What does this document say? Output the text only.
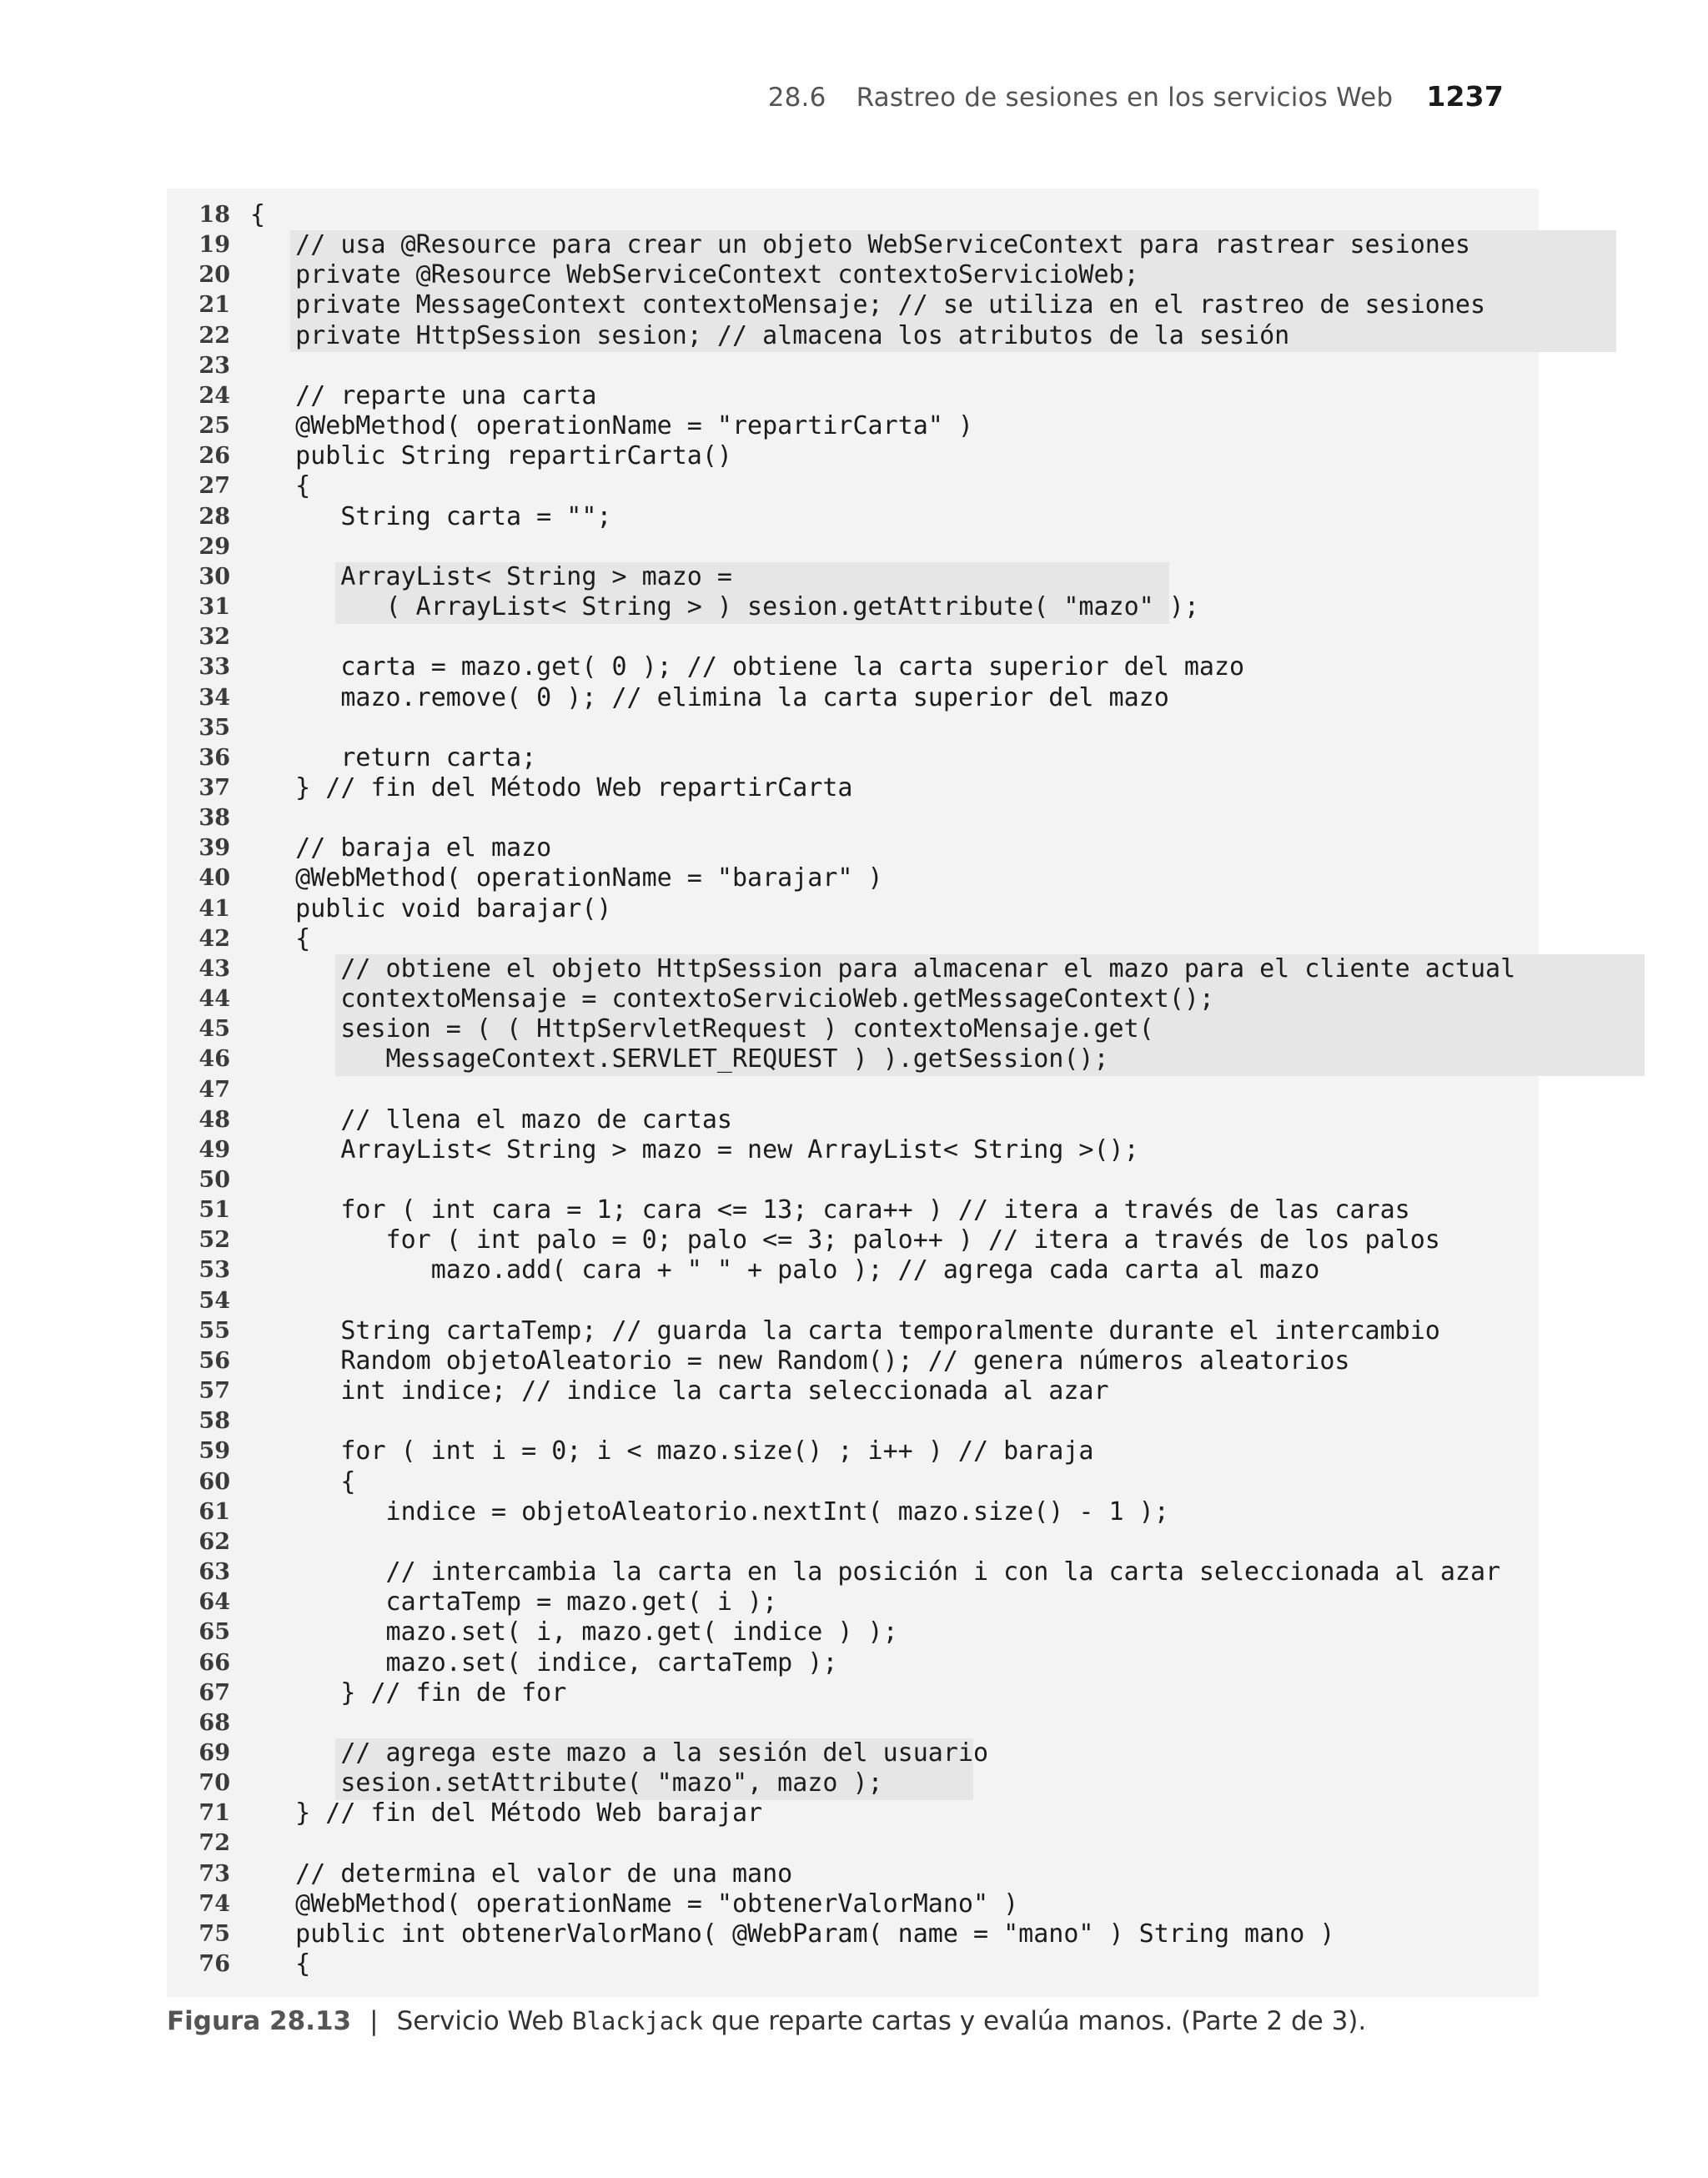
28.6 Rastreo de sesiones en los servicios Web 1237
18 {
19 // usa @Resource para crear un objeto WebServiceContext para rastrear sesiones
20 private @Resource WebServiceContext contextoServicioWeb;
21 private MessageContext contextoMensaje; // se utiliza en el rastreo de sesiones
22 private HttpSession sesion; // almacena los atributos de la sesión
23
24 // reparte una carta
25 @WebMethod( operationName = "repartirCarta" )
26 public String repartirCarta()
27 {
28 String carta = "";
29
30 ArrayList< String > mazo =
31 ( ArrayList< String > ) sesion.getAttribute( "mazo" );
32
33 carta = mazo.get( 0 ); // obtiene la carta superior del mazo
34 mazo.remove( 0 ); // elimina la carta superior del mazo
35
36 return carta;
37 } // fin del Método Web repartirCarta
38
39 // baraja el mazo
40 @WebMethod( operationName = "barajar" )
41 public void barajar()
42 {
43 // obtiene el objeto HttpSession para almacenar el mazo para el cliente actual
44 contextoMensaje = contextoServicioWeb.getMessageContext();
45 sesion = ( ( HttpServletRequest ) contextoMensaje.get(
46 MessageContext.SERVLET_REQUEST ) ).getSession();
47
48 // llena el mazo de cartas
49 ArrayList< String > mazo = new ArrayList< String >();
50
51 for ( int cara = 1; cara <= 13; cara++ ) // itera a través de las caras
52 for ( int palo = 0; palo <= 3; palo++ ) // itera a través de los palos
53 mazo.add( cara + " " + palo ); // agrega cada carta al mazo
54
55 String cartaTemp; // guarda la carta temporalmente durante el intercambio
56 Random objetoAleatorio = new Random(); // genera números aleatorios
57 int indice; // indice la carta seleccionada al azar
58
59 for ( int i = 0; i < mazo.size() ; i++ ) // baraja
60 {
61 indice = objetoAleatorio.nextInt( mazo.size() - 1 );
62
63 // intercambia la carta en la posición i con la carta seleccionada al azar
64 cartaTemp = mazo.get( i );
65 mazo.set( i, mazo.get( indice ) );
66 mazo.set( indice, cartaTemp );
67 } // fin de for
68
69 // agrega este mazo a la sesión del usuario
70 sesion.setAttribute( "mazo", mazo );
71 } // fin del Método Web barajar
72
73 // determina el valor de una mano
74 @WebMethod( operationName = "obtenerValorMano" )
75 public int obtenerValorMano( @WebParam( name = "mano" ) String mano )
76 {
Figura 28.13 | Servicio Web Blackjack que reparte cartas y evalúa manos. (Parte 2 de 3).
